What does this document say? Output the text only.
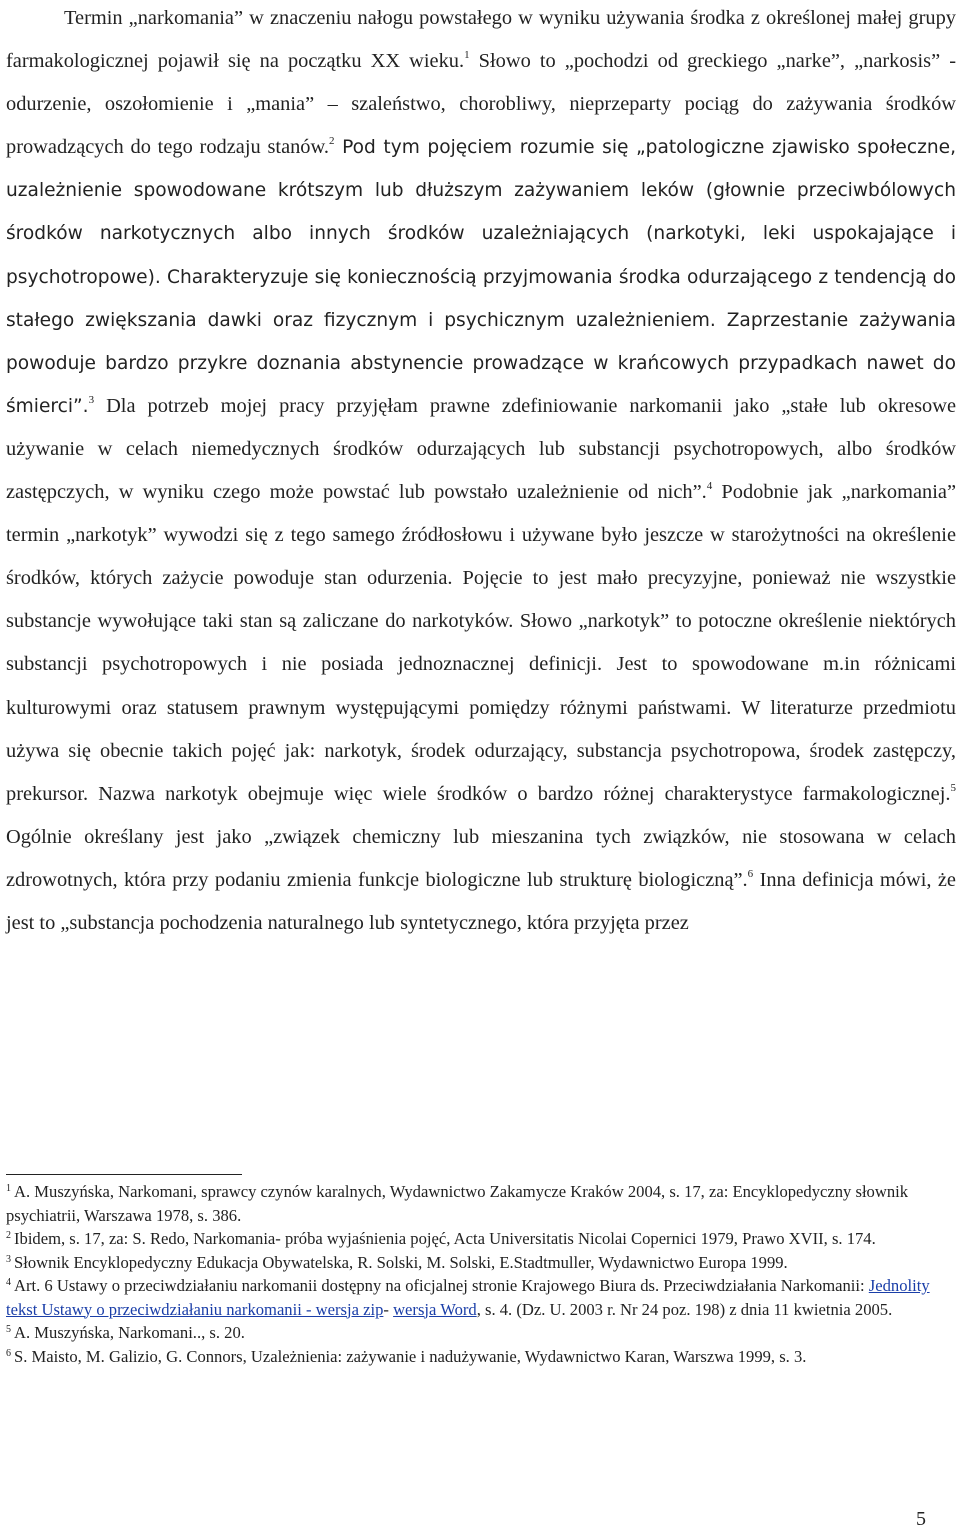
Termin „narkomania” w znaczeniu nałogu powstałego w wyniku używania środka z określonej małej grupy farmakologicznej pojawił się na początku XX wieku.$^1$ Słowo to „pochodzi od greckiego „narke”, „narkosis” - odurzenie, oszołomienie i „mania” – szaleństwo, chorobliwy, nieprzeparty pociąg do zażywania środków prowadzących do tego rodzaju stanów.$^2$ Pod tym pojęciem rozumie się „patologiczne zjawisko społeczne, uzależnienie spowodowane krótszym lub dłuższym zażywaniem leków (głownie przeciwbólowych środków narkotycznych albo innych środków uzależniających (narkotyki, leki uspokajające i psychotropowe). Charakteryzuje się koniecznością przyjmowania środka odurzającego z tendencją do stałego zwiększania dawki oraz fizycznym i psychicznym uzależnieniem. Zaprzestanie zażywania powoduje bardzo przykre doznania abstynencie prowadzące w krańcowych przypadkach nawet do śmierci”.$^3$ Dla potrzeb mojej pracy przyjęłam prawne zdefiniowanie narkomanii jako „stałe lub okresowe używanie w celach niemedycznych środków odurzających lub substancji psychotropowych, albo środków zastępczych, w wyniku czego może powstać lub powstało uzależnienie od nich”.$^4$ Podobnie jak „narkomania” termin „narkotyk” wywodzi się z tego samego źródłosłowu i używane było jeszcze w starożytności na określenie środków, których zażycie powoduje stan odurzenia. Pojęcie to jest mało precyzyjne, ponieważ nie wszystkie substancje wywołujące taki stan są zaliczane do narkotyków. Słowo „narkotyk” to potoczne określenie niektórych substancji psychotropowych i nie posiada jednoznacznej definicji. Jest to spowodowane m.in różnicami kulturowymi oraz statusem prawnym występującymi pomiędzy różnymi państwami. W literaturze przedmiotu używa się obecnie takich pojęć jak: narkotyk, środek odurzający, substancja psychotropowa, środek zastępczy, prekursor. Nazwa narkotyk obejmuje więc wiele środków o bardzo różnej charakterystyce farmakologicznej.$^5$ Ogólnie określany jest jako „związek chemiczny lub mieszanina tych związków, nie stosowana w celach zdrowotnych, która przy podaniu zmienia funkcje biologiczne lub strukturę biologiczną”.$^6$ Inna definicja mówi, że jest to „substancja pochodzenia naturalnego lub syntetycznego, która przyjęta przez

$^1$ A. Muszyńska, Narkomani, sprawcy czynów karalnych, Wydawnictwo Zakamycze Kraków 2004, s. 17, za: Encyklopedyczny słownik psychiatrii, Warszawa 1978, s. 386.

$^2$ Ibidem, s. 17, za: S. Redo, Narkomania- próba wyjaśnienia pojęć, Acta Universitatis Nicolai Copernici 1979, Prawo XVII, s. 174.

$^3$ Słownik Encyklopedyczny Edukacja Obywatelska, R. Solski, M. Solski, E.Stadtmuller, Wydawnictwo Europa 1999.

$^4$ Art. 6 Ustawy o przeciwdziałaniu narkomanii dostępny na oficjalnej stronie Krajowego Biura ds. Przeciwdziałania Narkomanii: Jednolity tekst Ustawy o przeciwdziałaniu narkomanii - wersja zip- wersja Word, s. 4. (Dz. U. 2003 r. Nr 24 poz. 198) z dnia 11 kwietnia 2005.

$^5$ A. Muszyńska, Narkomani.., s. 20.

$^6$ S. Maisto, M. Galizio, G. Connors, Uzależnienia: zażywanie i nadużywanie, Wydawnictwo Karan, Warszwa 1999, s. 3.

5
